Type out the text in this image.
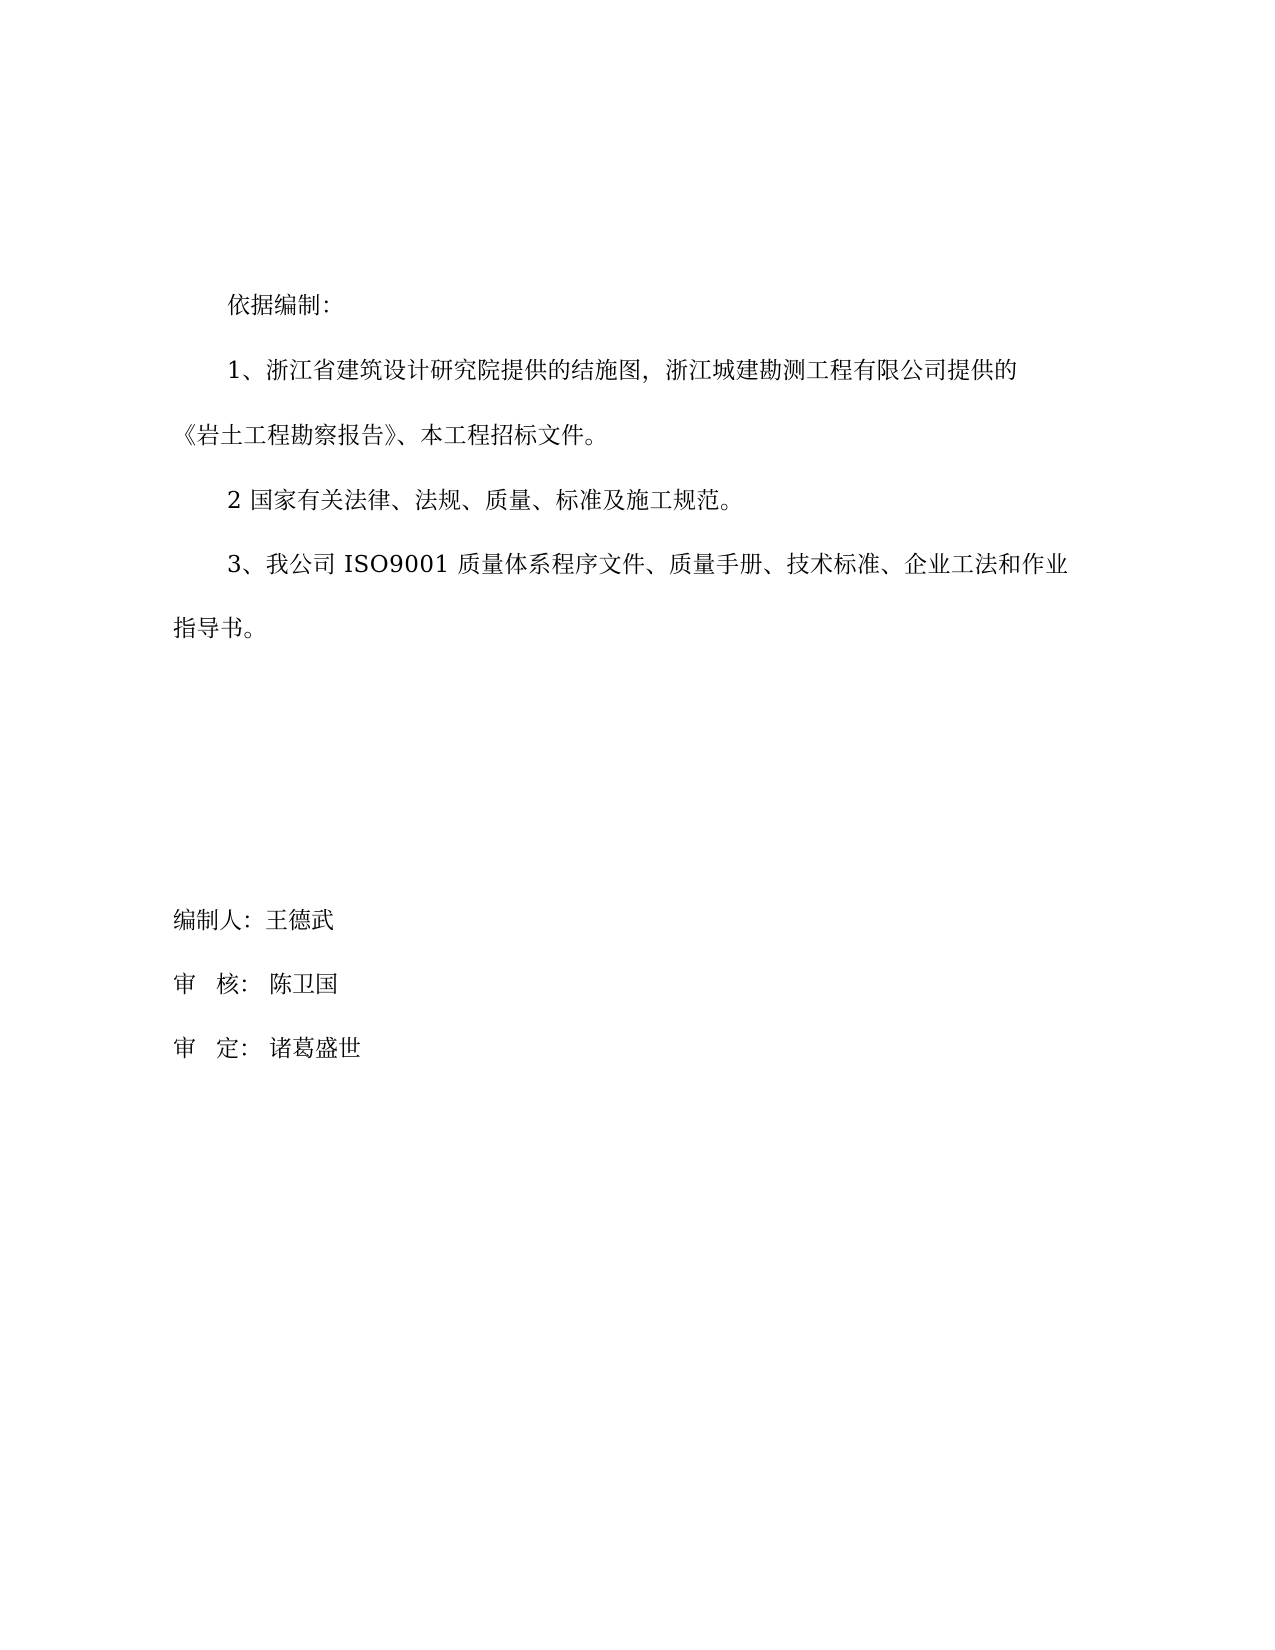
依据编制：
1、浙江省建筑设计研究院提供的结施图，浙江城建勘测工程有限公司提供的
《岩土工程勘察报告》、本工程招标文件。
2 国家有关法律、法规、质量、标准及施工规范。
3、我公司 ISO9001 质量体系程序文件、质量手册、技术标准、企业工法和作业
指导书。
编制人：王德武
审 核： 陈卫国
审 定： 诸葛盛世
